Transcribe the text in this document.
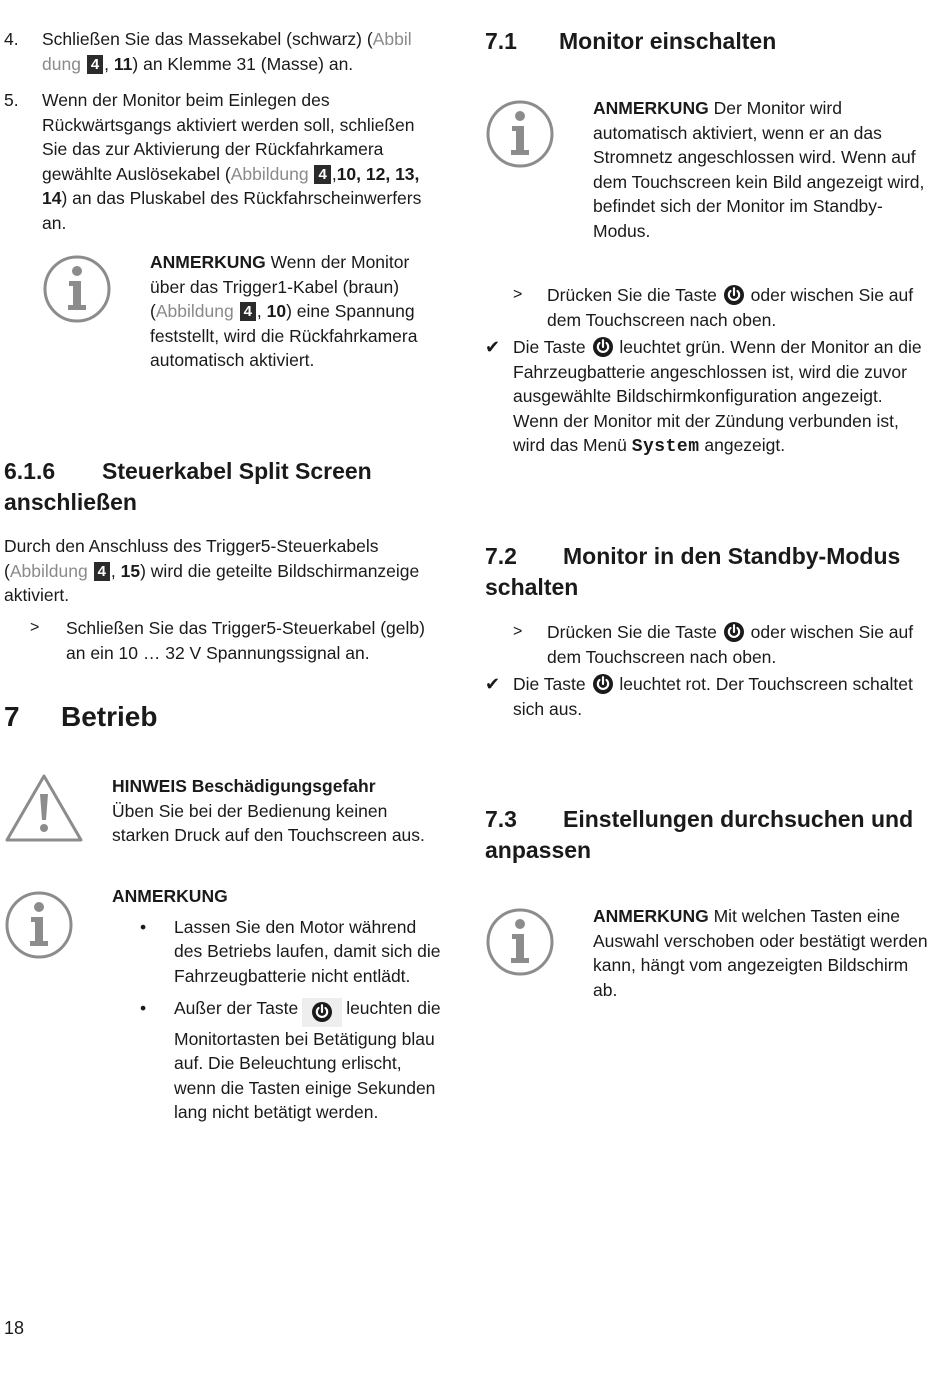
4. Schließen Sie das Massekabel (schwarz) (Abbil dung 4 , 11) an Klemme 31 (Masse) an.
5. Wenn der Monitor beim Einlegen des Rückwärtsgangs aktiviert werden soll, schließen Sie das zur Aktivierung der Rückfahrkamera gewählte Auslösekabel (Abbildung 4 ,10, 12, 13, 14) an das Pluskabel des Rückfahrscheinwerfers an.
ANMERKUNG Wenn der Monitor über das Trigger1-Kabel (braun) (Abbildung 4 , 10) eine Spannung feststellt, wird die Rückfahrkamera automatisch aktiviert.
6.1.6 Steuerkabel Split Screen anschließen
Durch den Anschluss des Trigger5-Steuerkabels (Abbildung 4 , 15) wird die geteilte Bildschirmanzeige aktiviert.
> Schließen Sie das Trigger5-Steuerkabel (gelb) an ein 10 … 32 V Spannungssignal an.
7 Betrieb
HINWEIS Beschädigungsgefahr
Üben Sie bei der Bedienung keinen starken Druck auf den Touchscreen aus.
ANMERKUNG
• Lassen Sie den Motor während des Betriebs laufen, damit sich die Fahrzeugbatterie nicht entlädt.
• Außer der Taste	leuchten die Monitortasten bei Betätigung blau auf. Die Beleuchtung erlischt, wenn die Tasten einige Sekunden lang nicht betätigt werden.
7.1 Monitor einschalten
ANMERKUNG Der Monitor wird automatisch aktiviert, wenn er an das Stromnetz angeschlossen wird. Wenn auf dem Touchscreen kein Bild angezeigt wird, befindet sich der Monitor im Standby-Modus.
> Drücken Sie die Taste oder wischen Sie auf dem Touchscreen nach oben.
✔ Die Taste leuchtet grün. Wenn der Monitor an die Fahrzeugbatterie angeschlossen ist, wird die zuvor ausgewählte Bildschirmkonfiguration angezeigt. Wenn der Monitor mit der Zündung verbunden ist, wird das Menü System angezeigt.
7.2 Monitor in den Standby-Modus schalten
> Drücken Sie die Taste oder wischen Sie auf dem Touchscreen nach oben.
✔ Die Taste leuchtet rot. Der Touchscreen schaltet sich aus.
7.3 Einstellungen durchsuchen und anpassen
ANMERKUNG Mit welchen Tasten eine Auswahl verschoben oder bestätigt werden kann, hängt vom angezeigten Bildschirm ab.
18
